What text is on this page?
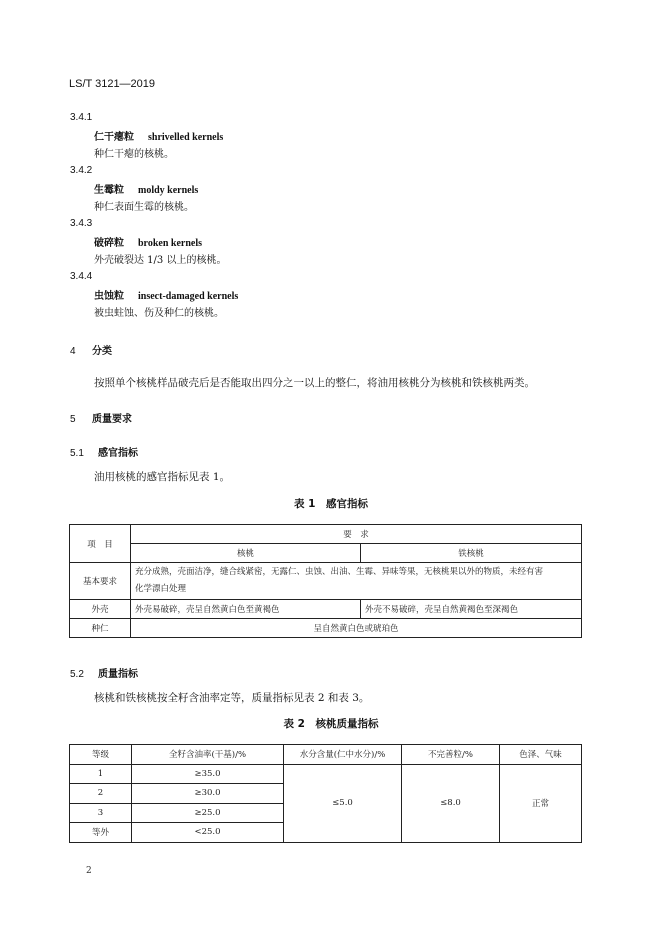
LS/T 3121—2019
3.4.1
仁干瘪粒 shrivelled kernels
种仁干瘪的核桃。
3.4.2
生霉粒 moldy kernels
种仁表面生霉的核桃。
3.4.3
破碎粒 broken kernels
外壳破裂达 1/3 以上的核桃。
3.4.4
虫蚀粒 insect-damaged kernels
被虫蛀蚀、伤及种仁的核桃。
4 分类
按照单个核桃样品破壳后是否能取出四分之一以上的整仁，将油用核桃分为核桃和铁核桃两类。
5 质量要求
5.1 感官指标
油用核桃的感官指标见表 1。
表 1　感官指标
项　目	要　求	
	核桃	铁核桃
基本要求	充分成熟，壳面洁净，缝合线紧密，无露仁、虫蚀、出油、生霉、异味等果，无核桃果以外的物质，未经有害
化学漂白处理	

外壳	外壳易破碎，壳呈自然黄白色至黄褐色	外壳不易破碎，壳呈自然黄褐色至深褐色
种仁	呈自然黄白色或琥珀色	
5.2 质量指标
核桃和铁核桃按全籽含油率定等，质量指标见表 2 和表 3。
表 2　核桃质量指标
等级	全籽含油率(干基)/%	水分含量(仁中水分)/%	不完善粒/%	色泽、气味
1	≥35.0	≤5.0	≤8.0	正常
2	≥30.0			
3	≥25.0			
等外	<25.0			
2
